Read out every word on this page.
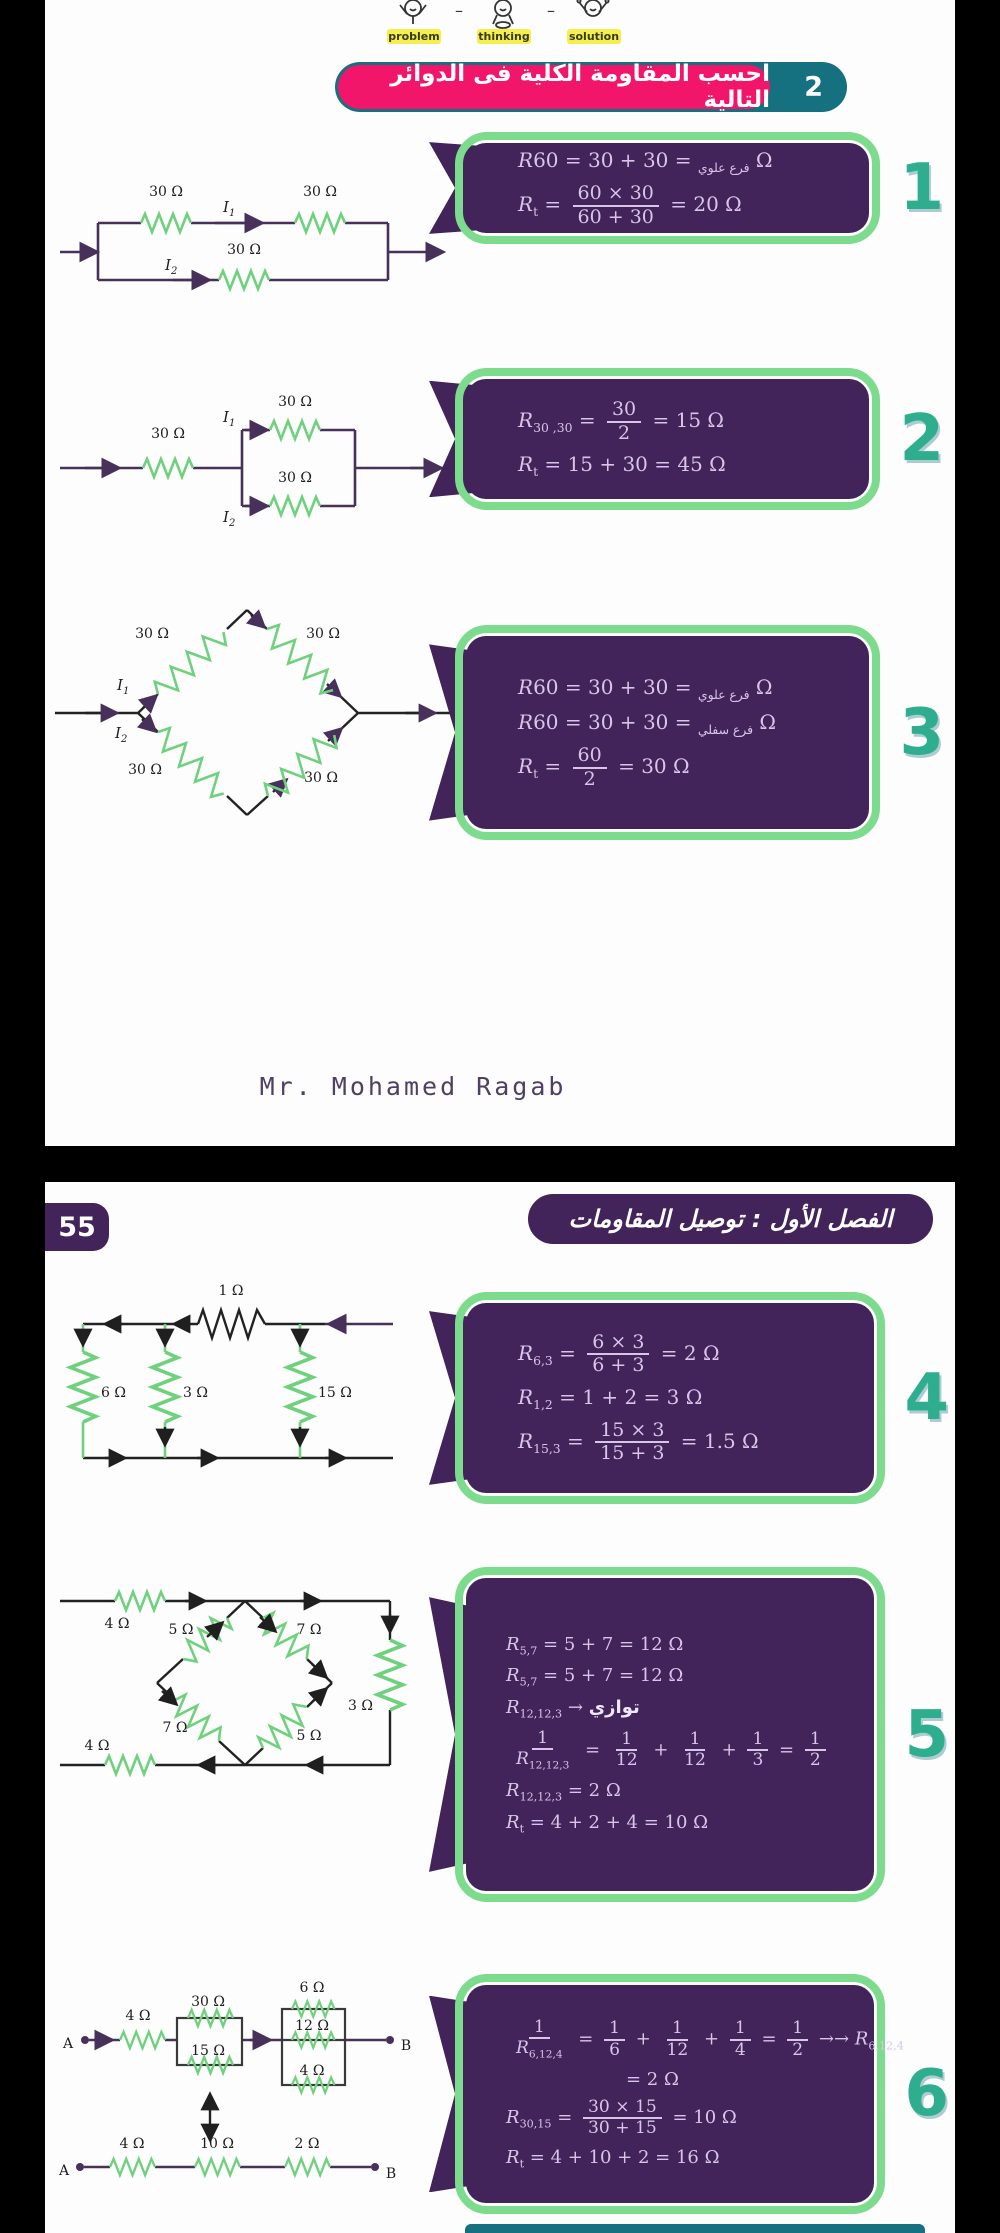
–	–
problem	thinking	solution
2
احسب المقاومة الكلية فى الدوائر التالية
30 Ω	30 Ω
30 Ω
$I_1$
$I_2$
R	$_{فرع علوي}$ = 30 + 30 = 60 Ω
$R_t = \frac{60 \times 30}{60 + 30} = 20$ Ω	1
30 Ω
30 Ω
30 Ω
$I_1$
$I_2$
$R_{30 ,30} = \frac{30}{2} = 15$ Ω
$R_t = 15 + 30 = 45$ Ω	2
30 Ω	30 Ω
30 Ω	30 Ω
$I_1$
$I_2$
R	$_{فرع علوي}$ = 30 + 30 = 60 Ω
R	$_{فرع سفلي}$ = 30 + 30 = 60 Ω
$R_t = \frac{60}{2} = 30$ Ω	3
Mr. Mohamed Ragab
55	الفصل الأول : توصيل المقاومات
1 Ω
6 Ω	3 Ω	15 Ω
$R_{6,3} = \frac{6 \times 3}{6 + 3} = 2$ Ω
$R_{1,2} = 1 + 2 = 3$ Ω
$R_{15,3} = \frac{15 \times 3}{15 + 3} = 1.5$ Ω
4
4 Ω	5 Ω	7 Ω
7 Ω	5 Ω
3 Ω
4 Ω
$R_{5,7} = 5 + 7 = 12$ Ω
$R_{5,7} = 5 + 7 = 12$ Ω
$R_{12,12,3}$ → توازي
$\frac{1}{R_{12,12,3}} = \frac{1}{12} + \frac{1}{12} + \frac{1}{3} = \frac{1}{2}$
$R_{12,12,3} = 2$ Ω
$R_t = 4 + 2 + 4 = 10$ Ω
5
A	B
4 Ω
30 Ω
15 Ω
6 Ω
12 Ω
4 Ω
A	B
4 Ω	10 Ω	2 Ω
$\frac{1}{R_{6,12,4}} = \frac{1}{6} + \frac{1}{12} + \frac{1}{4} = \frac{1}{2} \to\to R_{6,12,4}$
= 2 Ω
$R_{30,15} = \frac{30 \times 15}{30 + 15} = 10$ Ω
$R_t = 4 + 10 + 2 = 16$ Ω
6
